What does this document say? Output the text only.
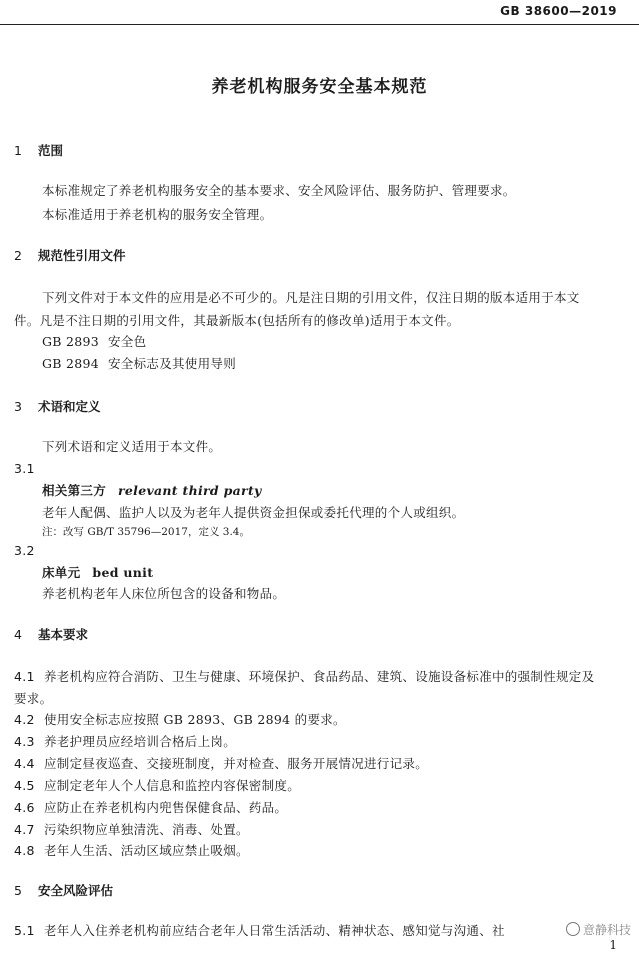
GB 38600—2019
养老机构服务安全基本规范
1 范围
本标准规定了养老机构服务安全的基本要求、安全风险评估、服务防护、管理要求。
本标准适用于养老机构的服务安全管理。
2 规范性引用文件
下列文件对于本文件的应用是必不可少的。凡是注日期的引用文件，仅注日期的版本适用于本文
件。凡是不注日期的引用文件，其最新版本(包括所有的修改单)适用于本文件。
GB 2893 安全色
GB 2894 安全标志及其使用导则
3 术语和定义
下列术语和定义适用于本文件。
3.1
相关第三方 relevant third party
老年人配偶、监护人以及为老年人提供资金担保或委托代理的个人或组织。
注：改写 GB/T 35796—2017，定义 3.4。
3.2
床单元 bed unit
养老机构老年人床位所包含的设备和物品。
4 基本要求
4.1 养老机构应符合消防、卫生与健康、环境保护、食品药品、建筑、设施设备标准中的强制性规定及
要求。
4.2 使用安全标志应按照 GB 2893、GB 2894 的要求。
4.3 养老护理员应经培训合格后上岗。
4.4 应制定昼夜巡查、交接班制度，并对检查、服务开展情况进行记录。
4.5 应制定老年人个人信息和监控内容保密制度。
4.6 应防止在养老机构内兜售保健食品、药品。
4.7 污染织物应单独清洗、消毒、处置。
4.8 老年人生活、活动区域应禁止吸烟。
5 安全风险评估
5.1 老年人入住养老机构前应结合老年人日常生活活动、精神状态、感知觉与沟通、社	意静科技
1
